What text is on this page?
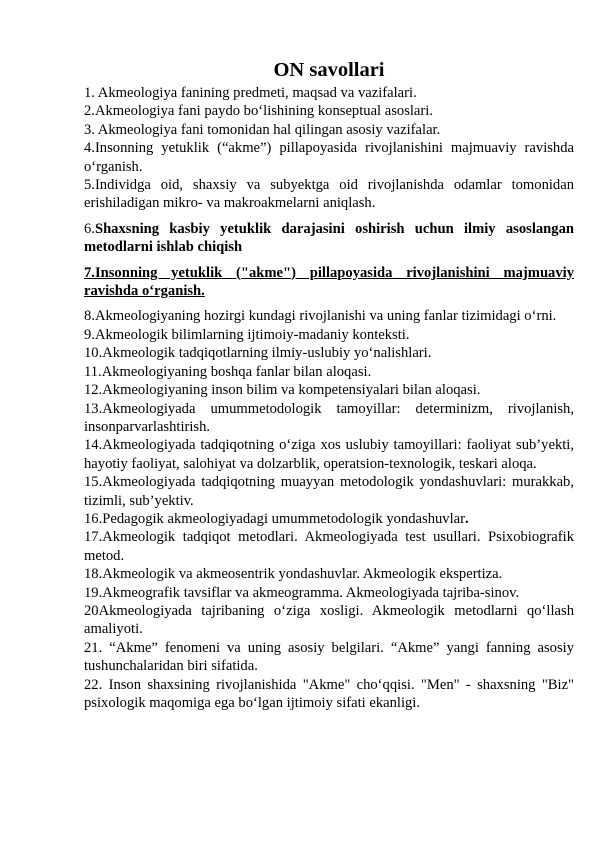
ON savollari
1. Akmeologiya fanining predmeti, maqsad va vazifalari.
2.Akmeologiya fani paydo bo‘lishining konseptual asoslari.
3. Akmeologiya fani tomonidan hal qilingan asosiy vazifalar.
4.Insonning yetuklik (“akme”) pillapoyasida rivojlanishini majmuaviy ravishda o‘rganish.
5.Individga oid, shaxsiy va subyektga oid rivojlanishda odamlar tomonidan erishiladigan mikro- va makroakmelarni aniqlash.
6.Shaxsning kasbiy yetuklik darajasini oshirish uchun ilmiy asoslangan metodlarni ishlab chiqish
7.Insonning yetuklik ("akme") pillapoyasida rivojlanishini majmuaviy ravishda o‘rganish.
8.Akmeologiyaning hozirgi kundagi rivojlanishi va uning fanlar tizimidagi o‘rni.
9.Akmeologik bilimlarning ijtimoiy-madaniy konteksti.
10.Akmeologik tadqiqotlarning ilmiy-uslubiy yo‘nalishlari.
11.Akmeologiyaning boshqa fanlar bilan aloqasi.
12.Akmeologiyaning inson bilim va kompetensiyalari bilan aloqasi.
13.Akmeologiyada umummetodologik tamoyillar: determinizm, rivojlanish, insonparvarlashtirish.
14.Akmeologiyada tadqiqotning o‘ziga xos uslubiy tamoyillari: faoliyat sub’yekti, hayotiy faoliyat, salohiyat va dolzarblik, operatsion-texnologik, teskari aloqa.
15.Akmeologiyada tadqiqotning muayyan metodologik yondashuvlari: murakkab, tizimli, sub’yektiv.
16.Pedagogik akmeologiyadagi umummetodologik yondashuvlar.
17.Akmeologik tadqiqot metodlari. Akmeologiyada test usullari. Psixobiografik metod.
18.Akmeologik va akmeosentrik yondashuvlar. Akmeologik ekspertiza.
19.Akmeografik tavsiflar va akmeogramma. Akmeologiyada tajriba-sinov.
20Akmeologiyada tajribaning o‘ziga xosligi. Akmeologik metodlarni qo‘llash amaliyoti.
21. “Akme” fenomeni va uning asosiy belgilari. “Akme” yangi fanning asosiy tushunchalaridan biri sifatida.
22. Inson shaxsining rivojlanishida "Akme" cho‘qqisi. "Men" - shaxsning "Biz" psixologik maqomiga ega bo‘lgan ijtimoiy sifati ekanligi.
